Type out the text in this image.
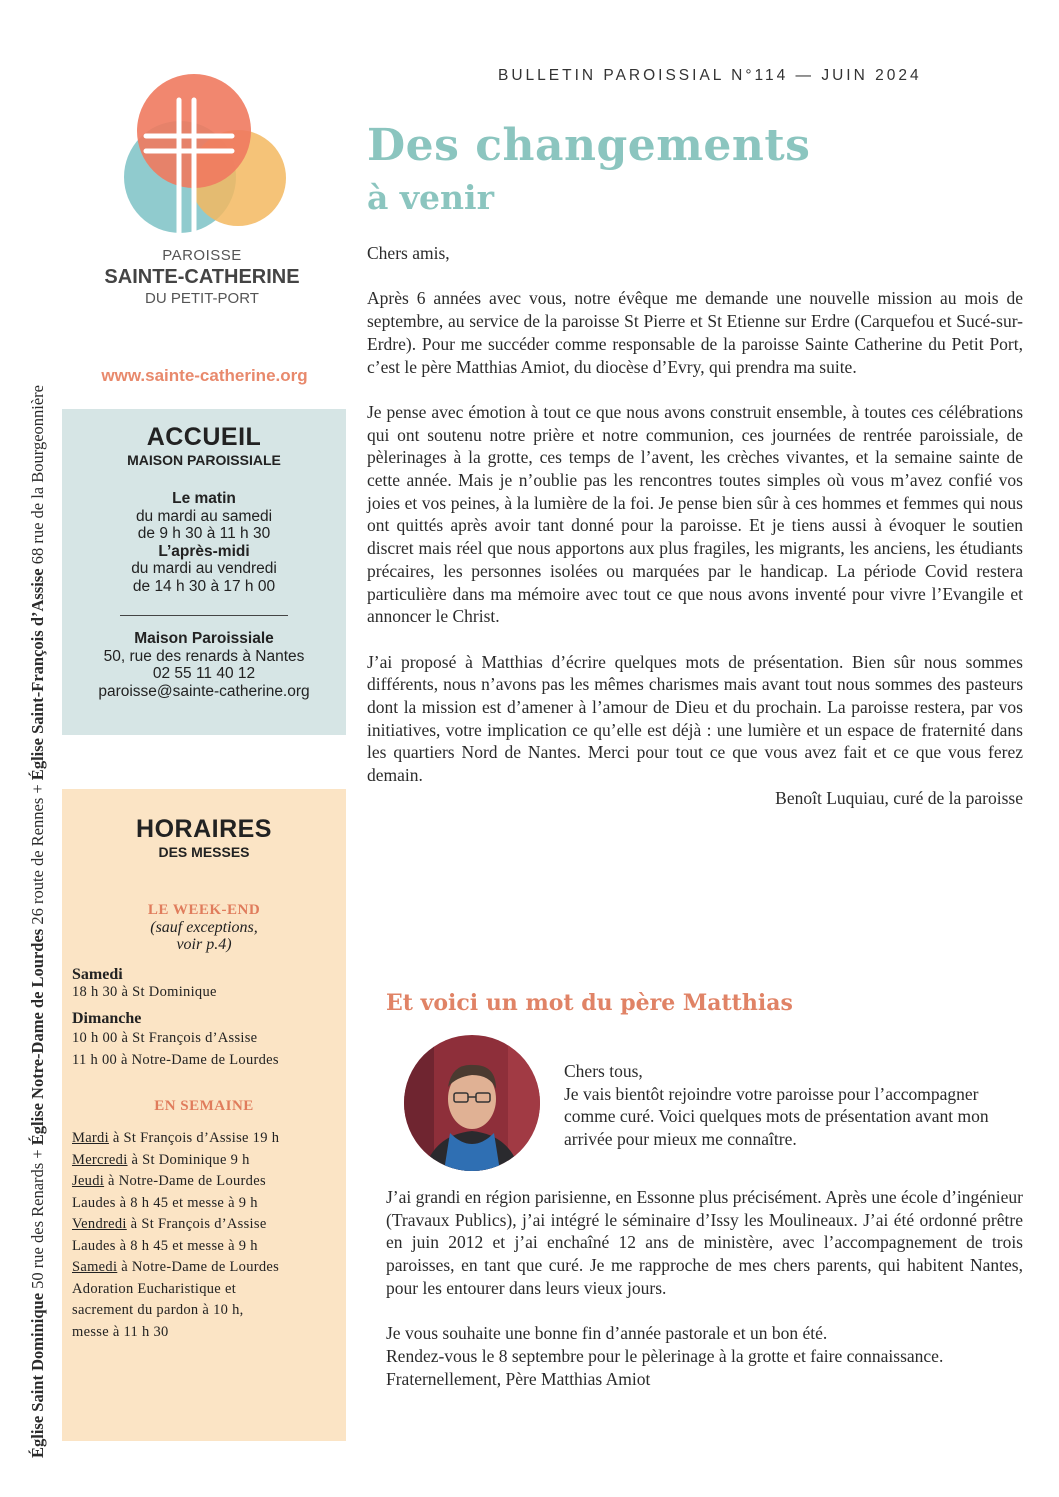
Église Saint Dominique 50 rue des Renards + Église Notre-Dame de Lourdes 26 route de Rennes + Église Saint-François d’Assise 68 rue de la Bourgeonnière
PAROISSE
SAINTE-CATHERINE
DU PETIT-PORT
www.sainte-catherine.org
ACCUEIL
MAISON PAROISSIALE
Le matin
du mardi au samedi
de 9 h 30 à 11 h 30
L’après-midi
du mardi au vendredi
de 14 h 30 à 17 h 00
Maison Paroissiale
50, rue des renards à Nantes
02 55 11 40 12
paroisse@sainte-catherine.org
HORAIRES
DES MESSES
LE WEEK-END
(sauf exceptions,
voir p.4)
Samedi
18 h 30 à St Dominique
Dimanche
10 h 00 à St François d’Assise
11 h 00 à Notre-Dame de Lourdes
EN SEMAINE
Mardi à St François d’Assise 19 h
Mercredi à St Dominique 9 h
Jeudi à Notre-Dame de Lourdes
Laudes à 8 h 45 et messe à 9 h
Vendredi à St François d’Assise
Laudes à 8 h 45 et messe à 9 h
Samedi à Notre-Dame de Lourdes
Adoration Eucharistique et
sacrement du pardon à 10 h,
messe à 11 h 30
BULLETIN PAROISSIAL N°114 — JUIN 2024
Des changements
à venir

Chers amis,

Après 6 années avec vous, notre évêque me demande une nouvelle mission au mois de septembre, au service de la paroisse St Pierre et St Etienne sur Erdre (Carquefou et Sucé-sur-Erdre). Pour me succéder comme responsable de la paroisse Sainte Catherine du Petit Port, c’est le père Matthias Amiot, du diocèse d’Evry, qui prendra ma suite.

Je pense avec émotion à tout ce que nous avons construit ensemble, à toutes ces célébrations qui ont soutenu notre prière et notre communion, ces journées de rentrée paroissiale, de pèlerinages à la grotte, ces temps de l’avent, les crèches vivantes, et la semaine sainte de cette année. Mais je n’oublie pas les rencontres toutes simples où vous m’avez confié vos joies et vos peines, à la lumière de la foi. Je pense bien sûr à ces hommes et femmes qui nous ont quittés après avoir tant donné pour la paroisse. Et je tiens aussi à évoquer le soutien discret mais réel que nous apportons aux plus fragiles, les migrants, les anciens, les étudiants précaires, les personnes isolées ou marquées par le handicap. La période Covid restera particulière dans ma mémoire avec tout ce que nous avons inventé pour vivre l’Evangile et annoncer le Christ.

J’ai proposé à Matthias d’écrire quelques mots de présentation. Bien sûr nous sommes différents, nous n’avons pas les mêmes charismes mais avant tout nous sommes des pasteurs dont la mission est d’amener à l’amour de Dieu et du prochain. La paroisse restera, par vos initiatives, votre implication ce qu’elle est déjà : une lumière et un espace de fraternité dans les quartiers Nord de Nantes. Merci pour tout ce que vous avez fait et ce que vous ferez demain.

Benoît Luquiau, curé de la paroisse

Et voici un mot du père Matthias
Chers tous,
Je vais bientôt rejoindre votre paroisse pour l’accompagner comme curé. Voici quelques mots de présentation avant mon arrivée pour mieux me connaître.

J’ai grandi en région parisienne, en Essonne plus précisément. Après une école d’ingénieur (Travaux Publics), j’ai intégré le séminaire d’Issy les Moulineaux. J’ai été ordonné prêtre en juin 2012 et j’ai enchaîné 12 ans de ministère, avec l’accompagnement de trois paroisses, en tant que curé. Je me rapproche de mes chers parents, qui habitent Nantes, pour les entourer dans leurs vieux jours.

Je vous souhaite une bonne fin d’année pastorale et un bon été.
Rendez-vous le 8 septembre pour le pèlerinage à la grotte et faire connaissance.
Fraternellement, Père Matthias Amiot
